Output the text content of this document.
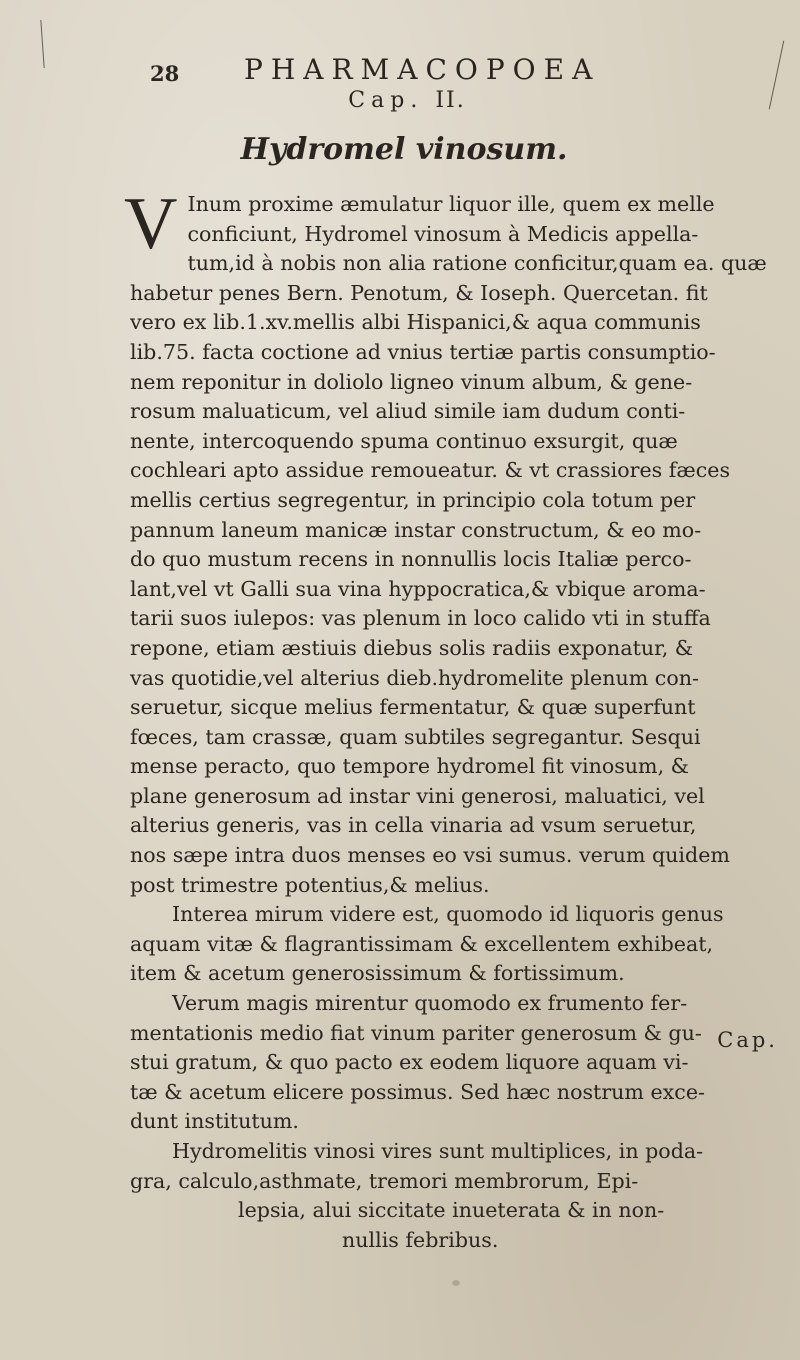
28	PHARMACOPOEA
Cap. II.
Hydromel vinosum.
V Inum proxime æmulatur liquor ille, quem ex melle
conficiunt, Hydromel vinosum à Medicis appella-
tum,id à nobis non alia ratione conficitur,quam ea. quæ
habetur penes Bern. Penotum, & Ioseph. Quercetan. fit
vero ex lib.1.xv.mellis albi Hispanici,& aqua communis
lib.75. facta coctione ad vnius tertiæ partis consumptio-
nem reponitur in doliolo ligneo vinum album, & gene-
rosum maluaticum, vel aliud simile iam dudum conti-
nente, intercoquendo spuma continuo exsurgit, quæ
cochleari apto assidue remoueatur. & vt crassiores fæces
mellis certius segregentur, in principio cola totum per
pannum laneum manicæ instar constructum, & eo mo-
do quo mustum recens in nonnullis locis Italiæ perco-
lant,vel vt Galli sua vina hyppocratica,& vbique aroma-
tarii suos iulepos: vas plenum in loco calido vti in stuffa
repone, etiam æstiuis diebus solis radiis exponatur, &
vas quotidie,vel alterius dieb.hydromelite plenum con-
seruetur, sicque melius fermentatur, & quæ superfunt
fœces, tam crassæ, quam subtiles segregantur. Sesqui
mense peracto, quo tempore hydromel fit vinosum, &
plane generosum ad instar vini generosi, maluatici, vel
alterius generis, vas in cella vinaria ad vsum seruetur,
nos sæpe intra duos menses eo vsi sumus. verum quidem
post trimestre potentius,& melius.
Interea mirum videre est, quomodo id liquoris genus
aquam vitæ & flagrantissimam & excellentem exhibeat,
item & acetum generosissimum & fortissimum.
Verum magis mirentur quomodo ex frumento fer-
mentationis medio fiat vinum pariter generosum & gu-
stui gratum, & quo pacto ex eodem liquore aquam vi-
tæ & acetum elicere possimus. Sed hæc nostrum exce-
dunt institutum.
Hydromelitis vinosi vires sunt multiplices, in poda-
gra, calculo,asthmate, tremori membrorum, Epi-
lepsia, alui siccitate inueterata & in non-
nullis febribus.
Cap.
